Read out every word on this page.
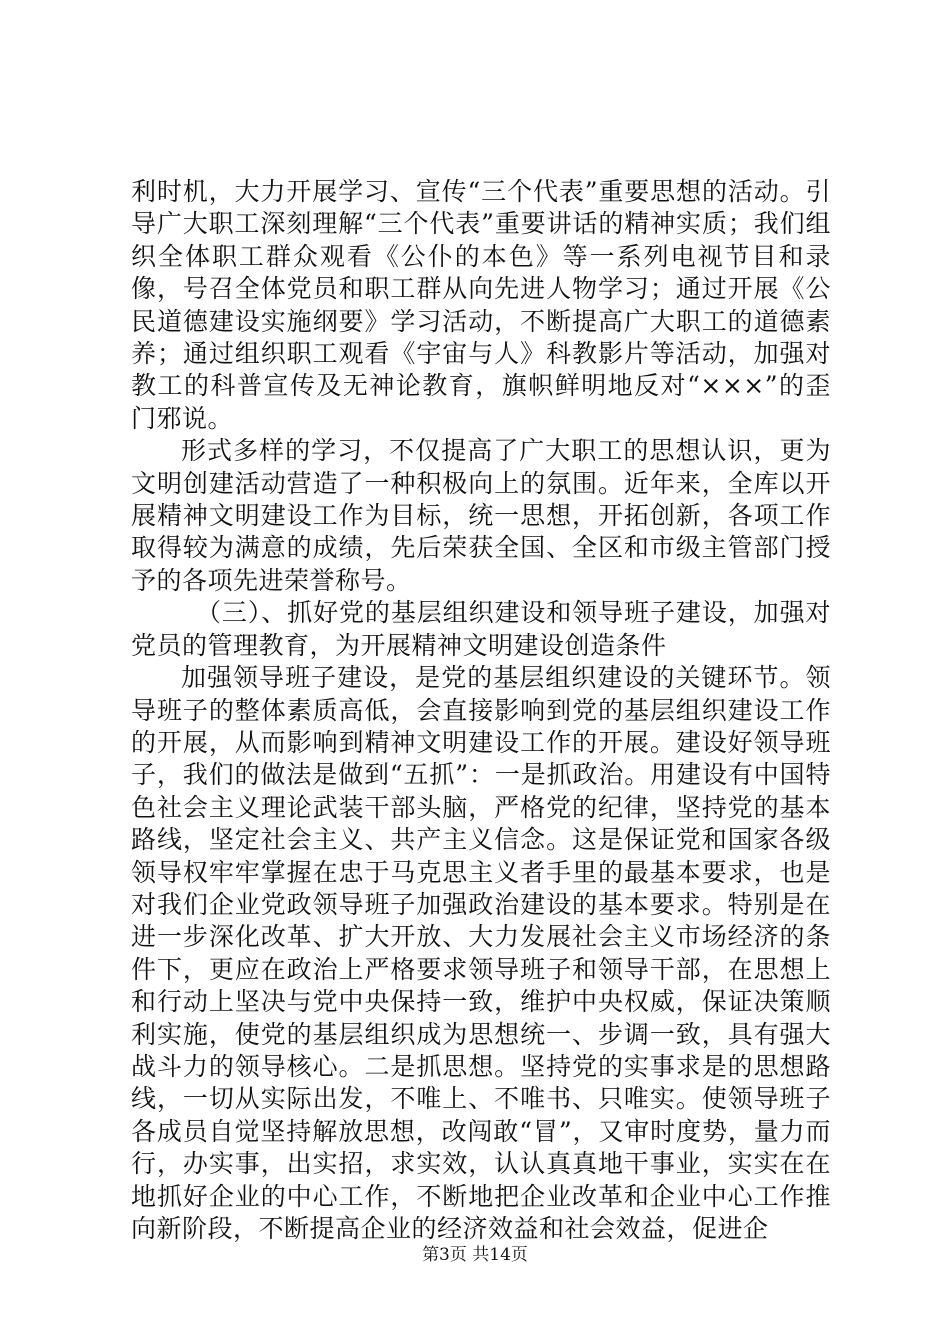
利时机，大力开展学习、宣传“三个代表”重要思想的活动。引导广大职工深刻理解“三个代表”重要讲话的精神实质；我们组织全体职工群众观看《公仆的本色》等一系列电视节目和录像，号召全体党员和职工群从向先进人物学习；通过开展《公民道德建设实施纲要》学习活动，不断提高广大职工的道德素养；通过组织职工观看《宇宙与人》科教影片等活动，加强对教工的科普宣传及无神论教育，旗帜鲜明地反对“×××”的歪门邪说。

形式多样的学习，不仅提高了广大职工的思想认识，更为文明创建活动营造了一种积极向上的氛围。近年来，全库以开展精神文明建设工作为目标，统一思想，开拓创新，各项工作取得较为满意的成绩，先后荣获全国、全区和市级主管部门授予的各项先进荣誉称号。

（三）、抓好党的基层组织建设和领导班子建设，加强对党员的管理教育，为开展精神文明建设创造条件

加强领导班子建设，是党的基层组织建设的关键环节。领导班子的整体素质高低，会直接影响到党的基层组织建设工作的开展，从而影响到精神文明建设工作的开展。建设好领导班子，我们的做法是做到“五抓”：一是抓政治。用建设有中国特色社会主义理论武装干部头脑，严格党的纪律，坚持党的基本路线，坚定社会主义、共产主义信念。这是保证党和国家各级领导权牢牢掌握在忠于马克思主义者手里的最基本要求，也是对我们企业党政领导班子加强政治建设的基本要求。特别是在进一步深化改革、扩大开放、大力发展社会主义市场经济的条件下，更应在政治上严格要求领导班子和领导干部，在思想上和行动上坚决与党中央保持一致，维护中央权威，保证决策顺利实施，使党的基层组织成为思想统一、步调一致，具有强大战斗力的领导核心。二是抓思想。坚持党的实事求是的思想路线，一切从实际出发，不唯上、不唯书、只唯实。使领导班子各成员自觉坚持解放思想，改闯敢“冒”，又审时度势，量力而行，办实事，出实招，求实效，认认真真地干事业，实实在在地抓好企业的中心工作，不断地把企业改革和企业中心工作推向新阶段，不断提高企业的经济效益和社会效益，促进企

第3页 共14页
